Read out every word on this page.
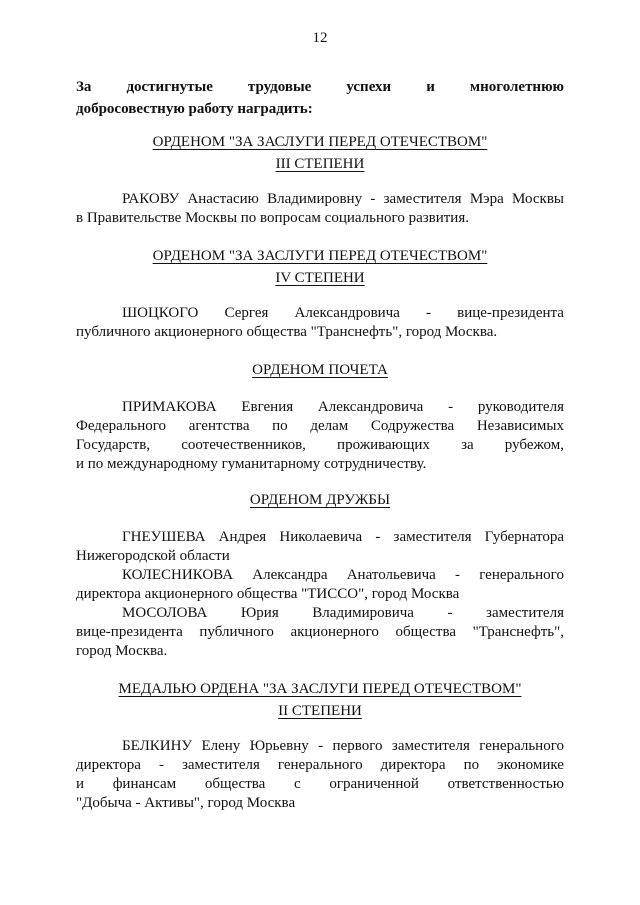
12
За достигнутые трудовые успехи и многолетнюю
добросовестную работу наградить:
ОРДЕНОМ "ЗА ЗАСЛУГИ ПЕРЕД ОТЕЧЕСТВОМ"
III СТЕПЕНИ
РАКОВУ Анастасию Владимировну - заместителя Мэра Москвы
в Правительстве Москвы по вопросам социального развития.
ОРДЕНОМ "ЗА ЗАСЛУГИ ПЕРЕД ОТЕЧЕСТВОМ"
IV СТЕПЕНИ
ШОЦКОГО Сергея Александровича - вице-президента
публичного акционерного общества "Транснефть", город Москва.
ОРДЕНОМ ПОЧЕТА
ПРИМАКОВА Евгения Александровича - руководителя
Федерального агентства по делам Содружества Независимых
Государств, соотечественников, проживающих за рубежом,
и по международному гуманитарному сотрудничеству.
ОРДЕНОМ ДРУЖБЫ
ГНЕУШЕВА Андрея Николаевича - заместителя Губернатора
Нижегородской области
КОЛЕСНИКОВА Александра Анатольевича - генерального
директора акционерного общества "ТИССО", город Москва
МОСОЛОВА Юрия Владимировича - заместителя
вице-президента публичного акционерного общества "Транснефть",
город Москва.
МЕДАЛЬЮ ОРДЕНА "ЗА ЗАСЛУГИ ПЕРЕД ОТЕЧЕСТВОМ"
II СТЕПЕНИ
БЕЛКИНУ Елену Юрьевну - первого заместителя генерального
директора - заместителя генерального директора по экономике
и финансам общества с ограниченной ответственностью
"Добыча - Активы", город Москва
